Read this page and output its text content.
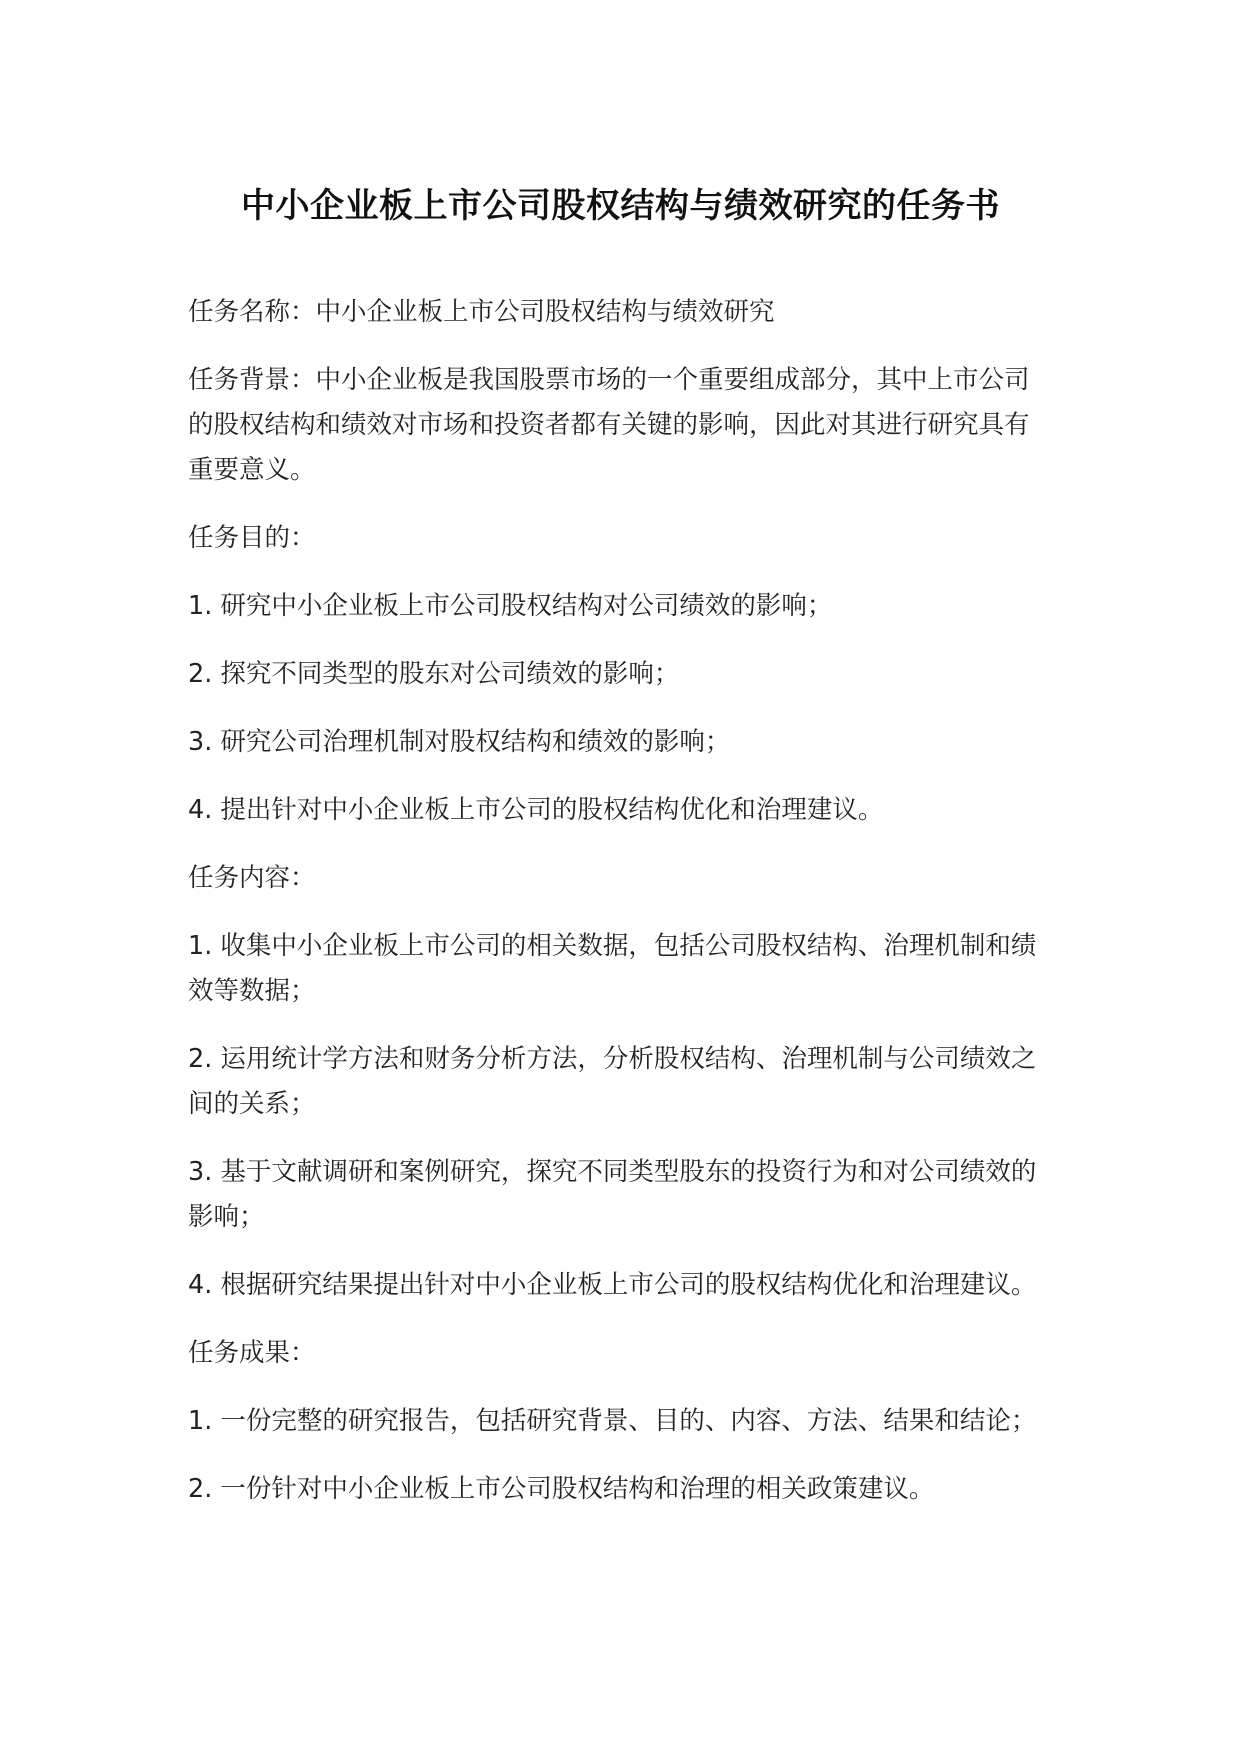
中小企业板上市公司股权结构与绩效研究的任务书

任务名称：中小企业板上市公司股权结构与绩效研究

任务背景：中小企业板是我国股票市场的一个重要组成部分，其中上市公司的股权结构和绩效对市场和投资者都有关键的影响，因此对其进行研究具有重要意义。

任务目的：

1. 研究中小企业板上市公司股权结构对公司绩效的影响；

2. 探究不同类型的股东对公司绩效的影响；

3. 研究公司治理机制对股权结构和绩效的影响；

4. 提出针对中小企业板上市公司的股权结构优化和治理建议。

任务内容：

1. 收集中小企业板上市公司的相关数据，包括公司股权结构、治理机制和绩效等数据；

2. 运用统计学方法和财务分析方法，分析股权结构、治理机制与公司绩效之间的关系；

3. 基于文献调研和案例研究，探究不同类型股东的投资行为和对公司绩效的影响；

4. 根据研究结果提出针对中小企业板上市公司的股权结构优化和治理建议。

任务成果：

1. 一份完整的研究报告，包括研究背景、目的、内容、方法、结果和结论；

2. 一份针对中小企业板上市公司股权结构和治理的相关政策建议。
